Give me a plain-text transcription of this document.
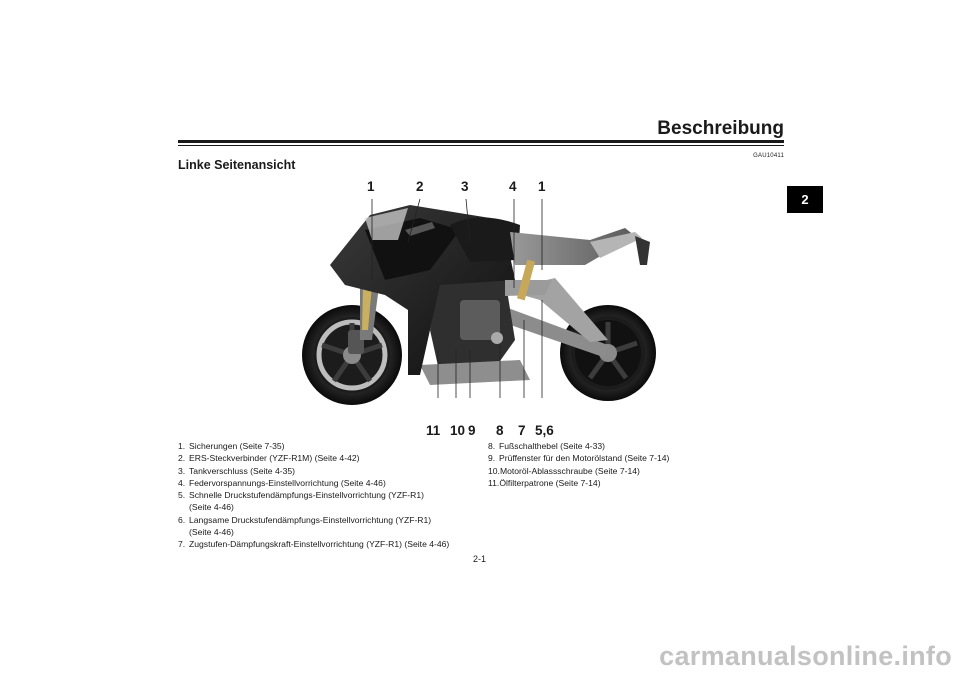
Beschreibung
GAU10411
Linke Seitenansicht
2
1	2	3	4 1
11 10 9 8 7 5,6
1. Sicherungen (Seite 7-35)
2. ERS-Steckverbinder (YZF-R1M) (Seite 4-42)
3. Tankverschluss (Seite 4-35)
4. Federvorspannungs-Einstellvorrichtung (Seite 4-46)
5. Schnelle Druckstufendämpfungs-Einstellvorrichtung (YZF-R1)
(Seite 4-46)
6. Langsame Druckstufendämpfungs-Einstellvorrichtung (YZF-R1)
(Seite 4-46)
7. Zugstufen-Dämpfungskraft-Einstellvorrichtung (YZF-R1) (Seite 4-46)
8. Fußschalthebel (Seite 4-33)
9. Prüffenster für den Motorölstand (Seite 7-14)
10. Motoröl-Ablassschraube (Seite 7-14)
11. Ölfilterpatrone (Seite 7-14)
2-1
carmanualsonline.info
